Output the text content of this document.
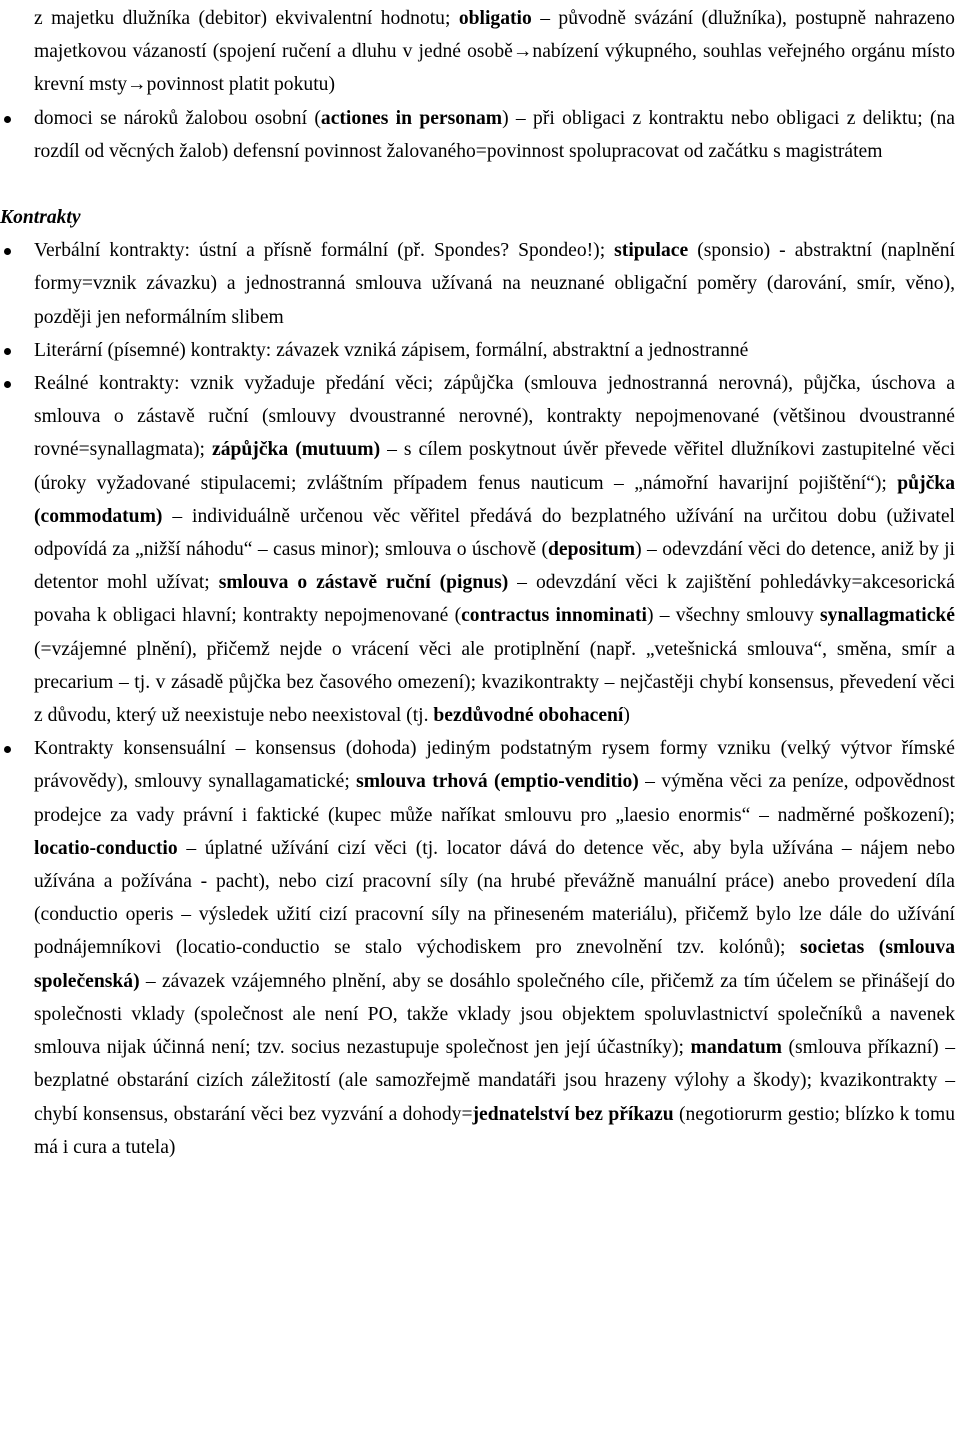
z majetku dlužníka (debitor) ekvivalentní hodnotu; obligatio – původně svázání (dlužníka), postupně nahrazeno majetkovou vázaností (spojení ručení a dluhu v jedné osobě→nabízení výkupného, souhlas veřejného orgánu místo krevní msty→povinnost platit pokutu)

domoci se nároků žalobou osobní (actiones in personam) – při obligaci z kontraktu nebo obligaci z deliktu; (na rozdíl od věcných žalob) defensní povinnost žalovaného=povinnost spolupracovat od začátku s magistrátem

Kontrakty

Verbální kontrakty: ústní a přísně formální (př. Spondes? Spondeo!); stipulace (sponsio) - abstraktní (naplnění formy=vznik závazku) a jednostranná smlouva užívaná na neuznané obligační poměry (darování, smír, věno), později jen neformálním slibem
Literární (písemné) kontrakty: závazek vzniká zápisem, formální, abstraktní a jednostranné
Reálné kontrakty: vznik vyžaduje předání věci; zápůjčka (smlouva jednostranná nerovná), půjčka, úschova a smlouva o zástavě ruční (smlouvy dvoustranné nerovné), kontrakty nepojmenované (většinou dvoustranné rovné=synallagmata); zápůjčka (mutuum) – s cílem poskytnout úvěr převede věřitel dlužníkovi zastupitelné věci (úroky vyžadované stipulacemi; zvláštním případem fenus nauticum – „námořní havarijní pojištění“); půjčka (commodatum) – individuálně určenou věc věřitel předává do bezplatného užívání na určitou dobu (uživatel odpovídá za „nižší náhodu“ – casus minor); smlouva o úschově (depositum) – odevzdání věci do detence, aniž by ji detentor mohl užívat; smlouva o zástavě ruční (pignus) – odevzdání věci k zajištění pohledávky=akcesorická povaha k obligaci hlavní; kontrakty nepojmenované (contractus innominati) – všechny smlouvy synallagmatické (=vzájemné plnění), přičemž nejde o vrácení věci ale protiplnění (např. „vetešnická smlouva“, směna, smír a precarium – tj. v zásadě půjčka bez časového omezení); kvazikontrakty – nejčastěji chybí konsensus, převedení věci z důvodu, který už neexistuje nebo neexistoval (tj. bezdůvodné obohacení)
Kontrakty konsensuální – konsensus (dohoda) jediným podstatným rysem formy vzniku (velký výtvor římské právovědy), smlouvy synallagamatické; smlouva trhová (emptio-venditio) – výměna věci za peníze, odpovědnost prodejce za vady právní i faktické (kupec může naříkat smlouvu pro „laesio enormis“ – nadměrné poškození); locatio-conductio – úplatné užívání cizí věci (tj. locator dává do detence věc, aby byla užívána – nájem nebo užívána a požívána - pacht), nebo cizí pracovní síly (na hrubé převážně manuální práce) anebo provedení díla (conductio operis – výsledek užití cizí pracovní síly na přineseném materiálu), přičemž bylo lze dále do užívání podnájemníkovi (locatio-conductio se stalo východiskem pro znevolnění tzv. kolónů); societas (smlouva společenská) – závazek vzájemného plnění, aby se dosáhlo společného cíle, přičemž za tím účelem se přinášejí do společnosti vklady (společnost ale není PO, takže vklady jsou objektem spoluvlastnictví společníků a navenek smlouva nijak účinná není; tzv. socius nezastupuje společnost jen její účastníky); mandatum (smlouva příkazní) – bezplatné obstarání cizích záležitostí (ale samozřejmě mandatáři jsou hrazeny výlohy a škody); kvazikontrakty – chybí konsensus, obstarání věci bez vyzvání a dohody=jednatelství bez příkazu (negotiorurm gestio; blízko k tomu má i cura a tutela)
